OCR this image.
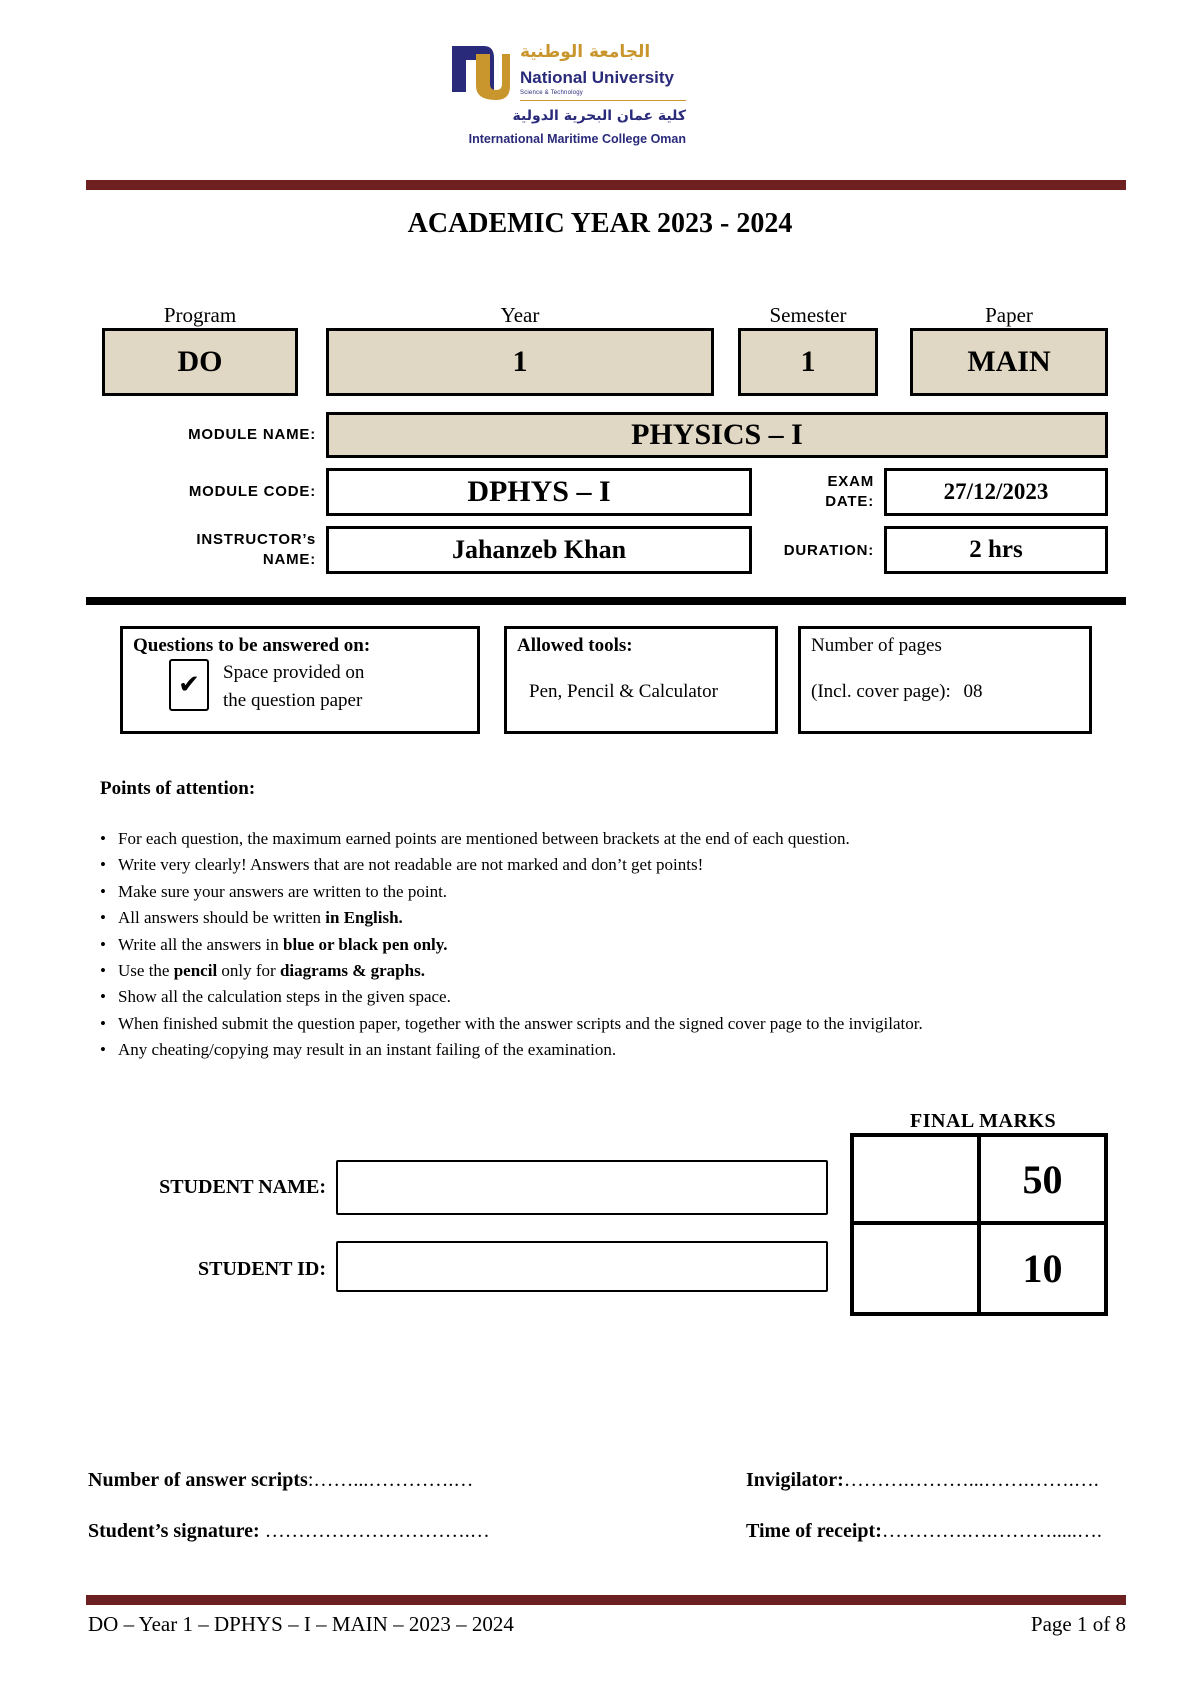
الجامعة الوطنية
National University
Science & Technology
كلية عمان البحرية الدولية
International Maritime College Oman
ACADEMIC YEAR 2023 - 2024
Program
DO
Year
1
Semester
1
Paper
MAIN
MODULE NAME:	PHYSICS – I
MODULE CODE:	DPHYS – I	EXAM
DATE:	27/12/2023
INSTRUCTOR’s
NAME:	Jahanzeb Khan	DURATION:	2 hrs
Questions to be answered on:
✔ Space provided on
the question paper
Allowed tools:
Pen, Pencil & Calculator
Number of pages
(Incl. cover page): 08
Points of attention:
• For each question, the maximum earned points are mentioned between brackets at the end of each question.
• Write very clearly! Answers that are not readable are not marked and don’t get points!
• Make sure your answers are written to the point.
• All answers should be written in English.
• Write all the answers in blue or black pen only.
• Use the pencil only for diagrams & graphs.
• Show all the calculation steps in the given space.
• When finished submit the question paper, together with the answer scripts and the signed cover page to the invigilator.
• Any cheating/copying may result in an instant failing of the examination.
FINAL MARKS
50
10
STUDENT NAME:
STUDENT ID:
Number of answer scripts:……...………….…	Invigilator:……….………...…….…….….
Student’s signature: ………………………….…	Time of receipt:………….….……….....….
DO – Year 1 – DPHYS – I – MAIN – 2023 – 2024	Page 1 of 8
